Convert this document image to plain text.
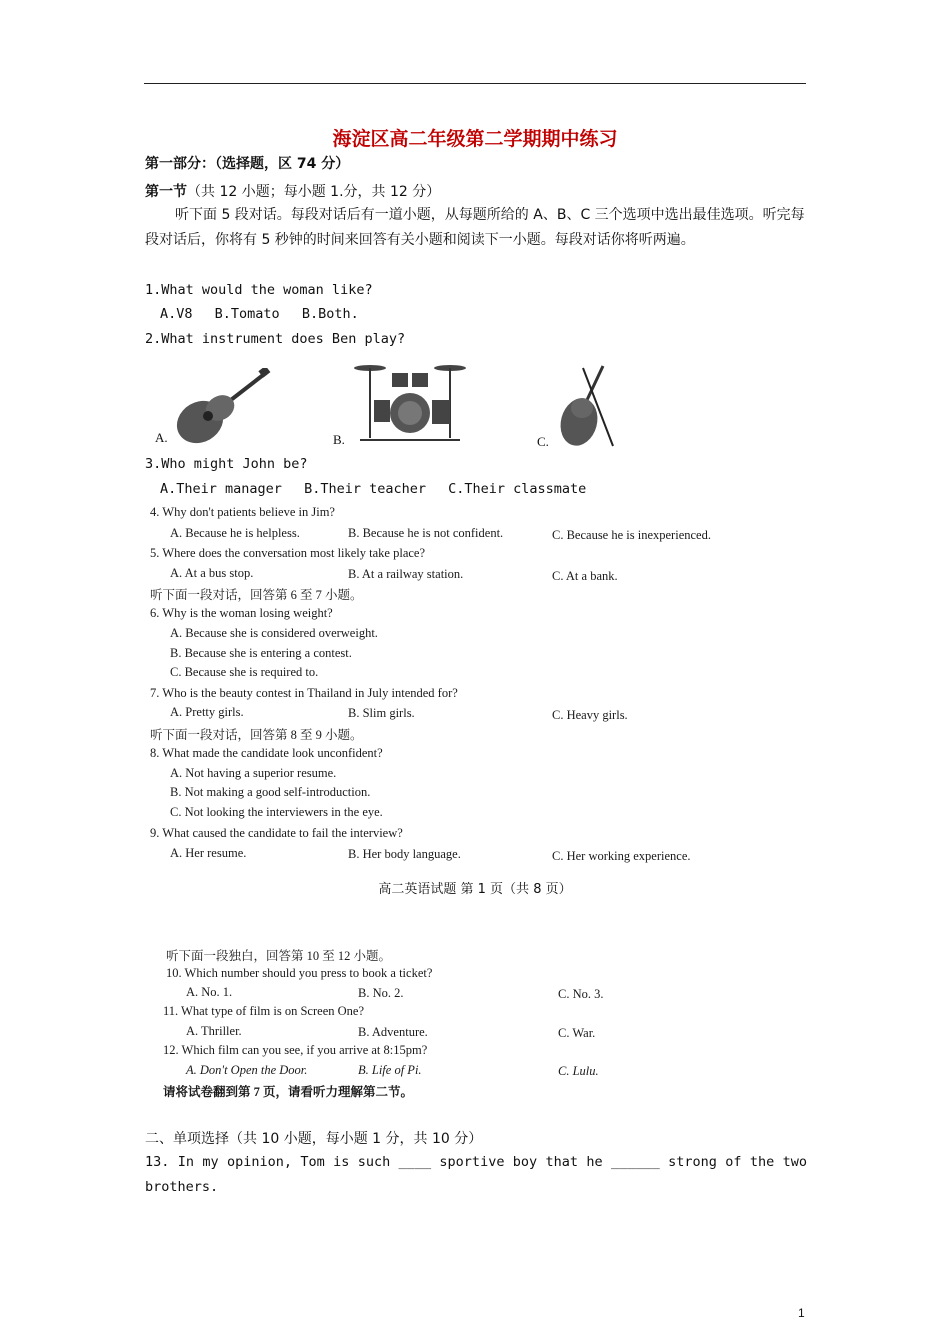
海淀区高二年级第二学期期中练习
第一部分：（选择题，区 74 分）
第一节（共 12 小题；每小题 1.分，共 12 分）
听下面 5 段对话。每段对话后有一道小题，从每题所给的 A、B、C 三个选项中选出最佳选项。听完每段对话后，你将有 5 秒钟的时间来回答有关小题和阅读下一小题。每段对话你将听两遍。
1.What would the woman like?
A.V8 B.Tomato B.Both.
2.What instrument does Ben play?
A.	B.	C.
3.Who might John be?
A.Their manager B.Their teacher C.Their classmate
4. Why don't patients believe in Jim?
A. Because he is helpless.	B. Because he is not confident.	C. Because he is inexperienced.
5. Where does the conversation most likely take place?
A. At a bus stop.	B. At a railway station.	C. At a bank.
听下面一段对话，回答第 6 至 7 小题。
6. Why is the woman losing weight?
A. Because she is considered overweight.
B. Because she is entering a contest.
C. Because she is required to.
7. Who is the beauty contest in Thailand in July intended for?
A. Pretty girls.	B. Slim girls.	C. Heavy girls.
听下面一段对话，回答第 8 至 9 小题。
8. What made the candidate look unconfident?
A. Not having a superior resume.
B. Not making a good self-introduction.
C. Not looking the interviewers in the eye.
9. What caused the candidate to fail the interview?
A. Her resume.	B. Her body language.	C. Her working experience.
高二英语试题 第 1 页（共 8 页）
听下面一段独白，回答第 10 至 12 小题。
10. Which number should you press to book a ticket?
A. No. 1.	B. No. 2.	C. No. 3.
11. What type of film is on Screen One?
A. Thriller.	B. Adventure.	C. War.
12. Which film can you see, if you arrive at 8:15pm?
A. Don't Open the Door.	B. Life of Pi.	C. Lulu.
请将试卷翻到第 7 页，请看听力理解第二节。
二、单项选择（共 10 小题，每小题 1 分，共 10 分）
13. In my opinion, Tom is such ____ sportive boy that he ______ strong of the two brothers.
1
